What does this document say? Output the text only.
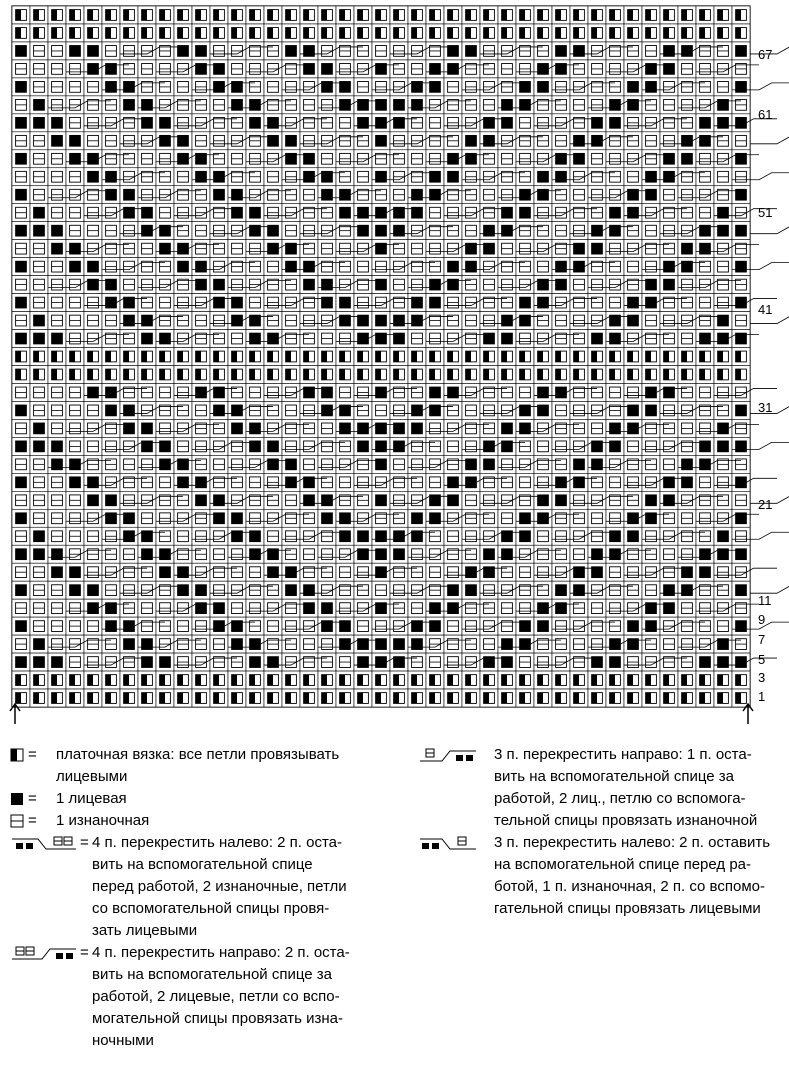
67
61
51
41
31
21
11
9
7
5
3
1
= платочная вязка: все петли провязывать
лицевыми
= 1 лицевая
= 1 изнаночная
= 4 п. перекрестить налево: 2 п. оста-
вить на вспомогательной спице
перед работой, 2 изнаночные, петли
со вспомогательной спицы провя-
зать лицевыми
= 4 п. перекрестить направо: 2 п. оста-
вить на вспомогательной спице за
работой, 2 лицевые, петли со вспо-
могательной спицы провязать изна-
ночными
3 п. перекрестить направо: 1 п. оста-
вить на вспомогательной спице за
работой, 2 лиц., петлю со вспомога-
тельной спицы провязать изнаночной
3 п. перекрестить налево: 2 п. оставить
на вспомогательной спице перед ра-
ботой, 1 п. изнаночная, 2 п. со вспомо-
гательной спицы провязать лицевыми
